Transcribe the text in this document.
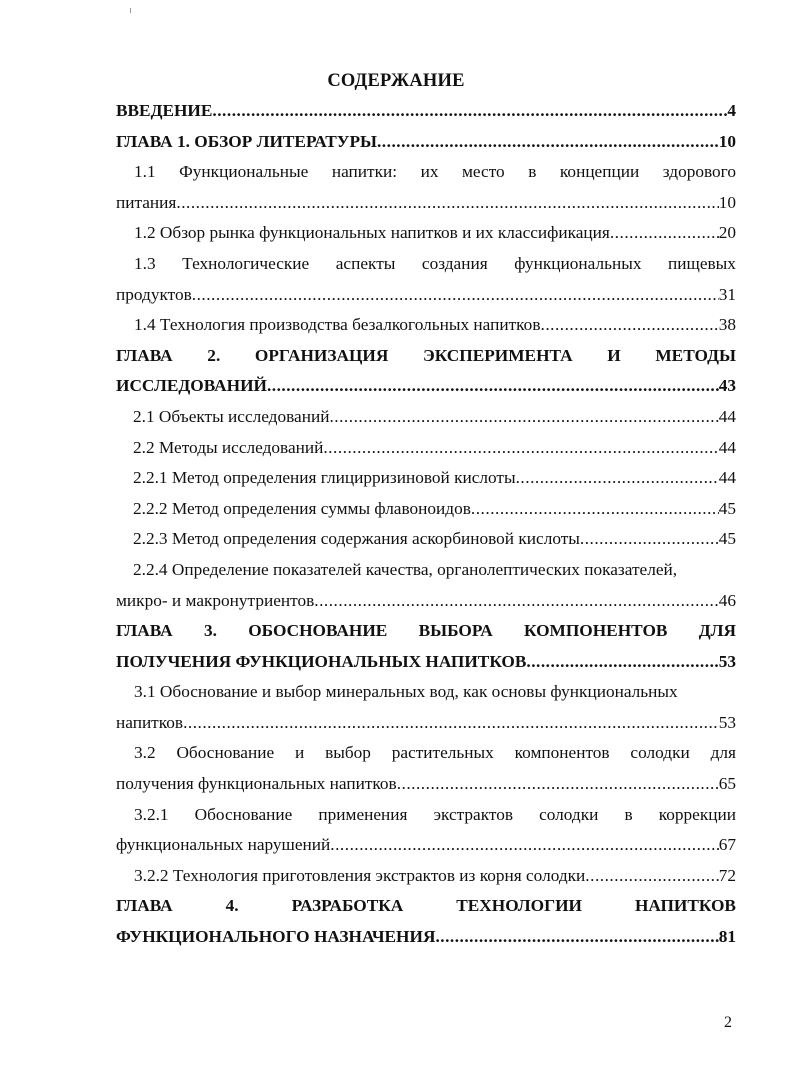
СОДЕРЖАНИЕ
ВВЕДЕНИЕ .....	4
ГЛАВА 1. ОБЗОР ЛИТЕРАТУРЫ .....	10
1.1 Функциональные напитки: их место в концепции здорового
питания .....	10
1.2 Обзор рынка функциональных напитков и их классификация .....	20
1.3 Технологические аспекты создания функциональных пищевых
продуктов .....	31
1.4 Технология производства безалкогольных напитков .....	38
ГЛАВА 2. ОРГАНИЗАЦИЯ ЭКСПЕРИМЕНТА И МЕТОДЫ
ИССЛЕДОВАНИЙ .....	43
2.1 Объекты исследований .....	44
2.2 Методы исследований .....	44
2.2.1 Метод определения глицирризиновой кислоты .....	44
2.2.2 Метод определения суммы флавоноидов .....	45
2.2.3 Метод определения содержания аскорбиновой кислоты .....	45
2.2.4 Определение показателей качества, органолептических показателей,
микро- и макронутриентов .....	46
ГЛАВА 3. ОБОСНОВАНИЕ ВЫБОРА КОМПОНЕНТОВ ДЛЯ
ПОЛУЧЕНИЯ ФУНКЦИОНАЛЬНЫХ НАПИТКОВ .....	53
3.1 Обоснование и выбор минеральных вод, как основы функциональных
напитков .....	53
3.2 Обоснование и выбор растительных компонентов солодки для
получения функциональных напитков .....	65
3.2.1 Обоснование применения экстрактов солодки в коррекции
функциональных нарушений .....	67
3.2.2 Технология приготовления экстрактов из корня солодки .....	72
ГЛАВА	4.	РАЗРАБОТКА	ТЕХНОЛОГИИ	НАПИТКОВ
ФУНКЦИОНАЛЬНОГО НАЗНАЧЕНИЯ .....	81
2
